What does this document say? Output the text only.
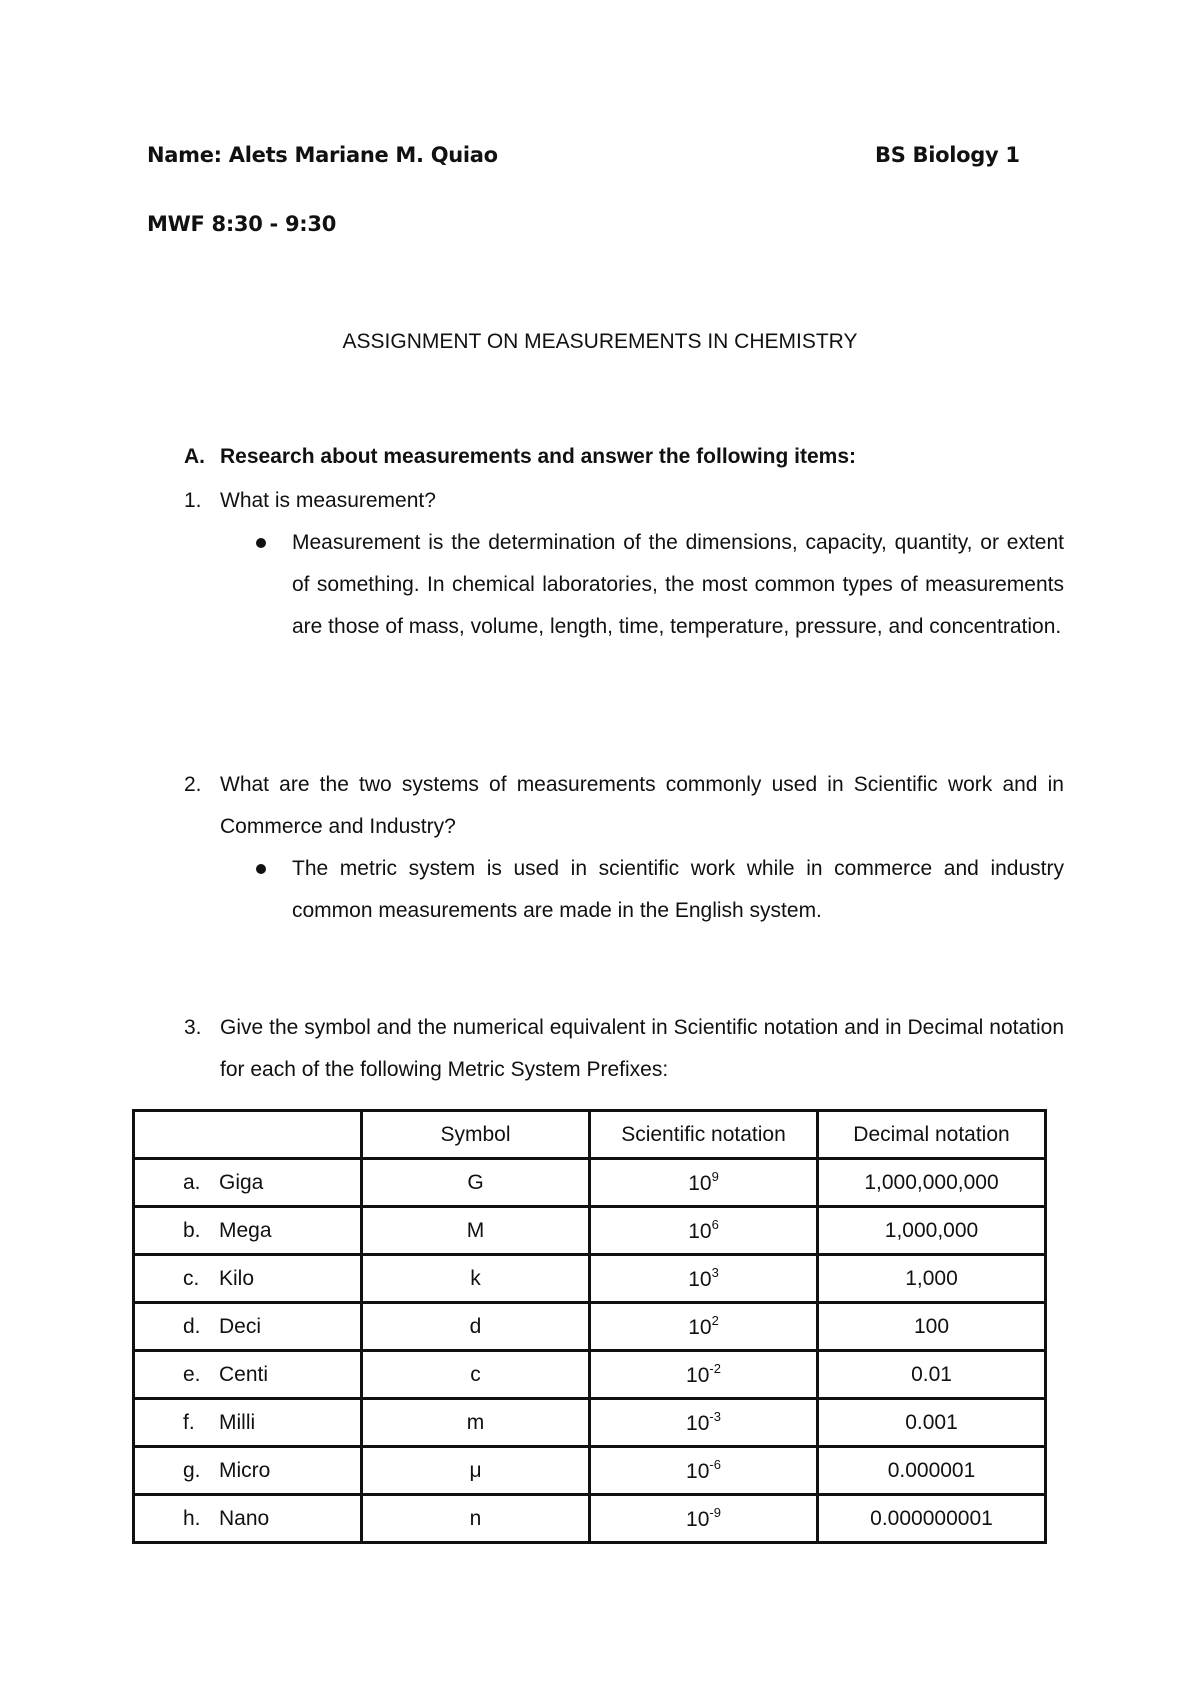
Name: Alets Mariane M. Quiao	BS Biology 1
MWF 8:30 - 9:30
ASSIGNMENT ON MEASUREMENTS IN CHEMISTRY
A. Research about measurements and answer the following items:
1. What is measurement?
Measurement is the determination of the dimensions, capacity, quantity, or extent of something. In chemical laboratories, the most common types of measurements are those of mass, volume, length, time, temperature, pressure, and concentration.
2. What are the two systems of measurements commonly used in Scientific work and in Commerce and Industry?
The metric system is used in scientific work while in commerce and industry common measurements are made in the English system.
3. Give the symbol and the numerical equivalent in Scientific notation and in Decimal notation for each of the following Metric System Prefixes:
	Symbol	Scientific notation	Decimal notation
a. Giga	G	$10^9$	1,000,000,000
b. Mega	M	$10^6$	1,000,000
c. Kilo	k	$10^3$	1,000
d. Deci	d	$10^2$	100
e. Centi	c	$10^{-2}$	0.01
f. Milli	m	$10^{-3}$	0.001
g. Micro	μ	$10^{-6}$	0.000001
h. Nano	n	$10^{-9}$	0.000000001
